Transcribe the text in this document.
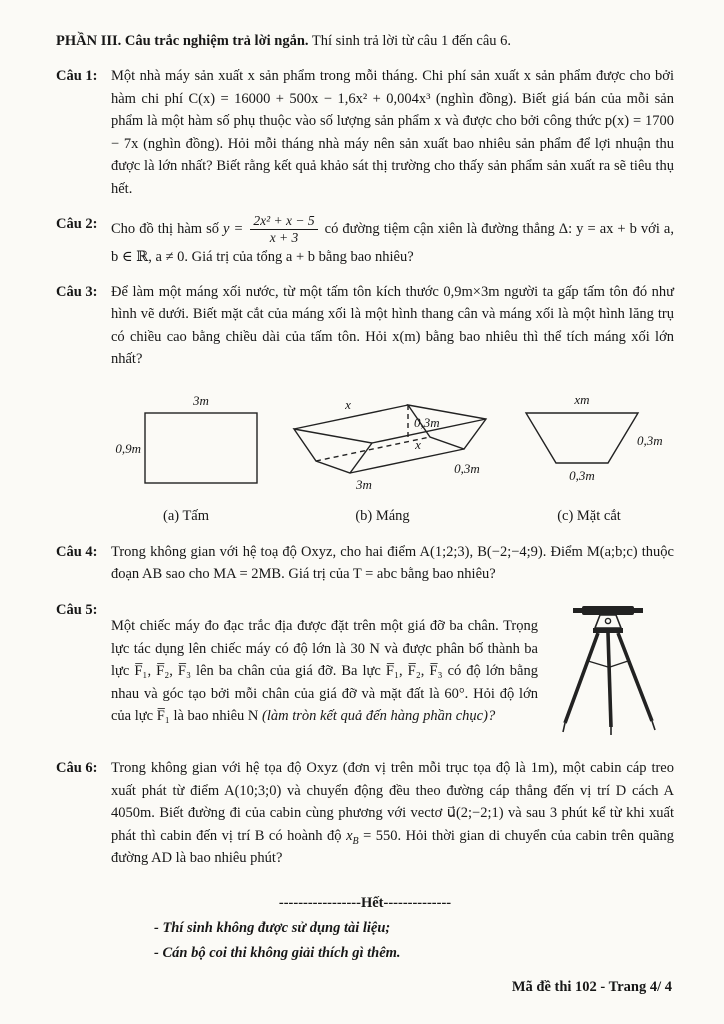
PHẦN III. Câu trắc nghiệm trả lời ngắn. Thí sinh trả lời từ câu 1 đến câu 6.

Câu 1: Một nhà máy sản xuất x sản phẩm trong mỗi tháng. Chi phí sản xuất x sản phẩm được cho bởi hàm chi phí C(x) = 16000 + 500x − 1,6x² + 0,004x³ (nghìn đồng). Biết giá bán của mỗi sản phẩm là một hàm số phụ thuộc vào số lượng sản phẩm x và được cho bởi công thức p(x) = 1700 − 7x (nghìn đồng). Hỏi mỗi tháng nhà máy nên sản xuất bao nhiêu sản phẩm để lợi nhuận thu được là lớn nhất? Biết rằng kết quả khảo sát thị trường cho thấy sản phẩm sản xuất ra sẽ tiêu thụ hết.
Câu 2: Cho đồ thị hàm số $y = \frac{\text{2x² + x − 5}}{x + 3}$ có đường tiệm cận xiên là đường thẳng Δ: y = ax + b với a, b ∈ ℝ, a ≠ 0. Giá trị của tổng a + b bằng bao nhiêu?
Câu 3: Để làm một máng xối nước, từ một tấm tôn kích thước 0,9m×3m người ta gấp tấm tôn đó như hình vẽ dưới. Biết mặt cắt của máng xối là một hình thang cân và máng xối là một hình lăng trụ có chiều cao bằng chiều dài của tấm tôn. Hỏi x(m) bằng bao nhiêu thì thể tích máng xối lớn nhất?
3m
0,9m
(a) Tấm
x
0,3m
x
3m
0,3m
(b) Máng
xm
0,3m
0,3m
(c) Mặt cắt
Câu 4: Trong không gian với hệ toạ độ Oxyz, cho hai điểm A(1;2;3), B(−2;−4;9). Điểm M(a;b;c) thuộc đoạn AB sao cho MA = 2MB. Giá trị của T = abc bằng bao nhiêu?
Câu 5:
Một chiếc máy đo đạc trắc địa được đặt trên một giá đỡ ba chân. Trọng lực tác dụng lên chiếc máy có độ lớn là 30 N và được phân bố thành ba lực F̅₁, F̅₂, F̅₃ lên ba chân của giá đỡ. Ba lực F̅₁, F̅₂, F̅₃ có độ lớn bằng nhau và góc tạo bởi mỗi chân của giá đỡ và mặt đất là 60°. Hỏi độ lớn của lực F̅₁ là bao nhiêu N (làm tròn kết quả đến hàng phần chục)?
Câu 6: Trong không gian với hệ tọa độ Oxyz (đơn vị trên mỗi trục tọa độ là 1m), một cabin cáp treo xuất phát từ điểm A(10;3;0) và chuyển động đều theo đường cáp thẳng đến vị trí D cách A 4050m. Biết đường đi của cabin cùng phương với vectơ u⃗(2;−2;1) và sau 3 phút kể từ khi xuất phát thì cabin đến vị trí B có hoành độ $x_B = 550$. Hỏi thời gian di chuyển của cabin trên quãng đường AD là bao nhiêu phút?
-----------------Hết--------------
- Thí sinh không được sử dụng tài liệu;
- Cán bộ coi thi không giải thích gì thêm.
Mã đề thi 102 - Trang 4/ 4
